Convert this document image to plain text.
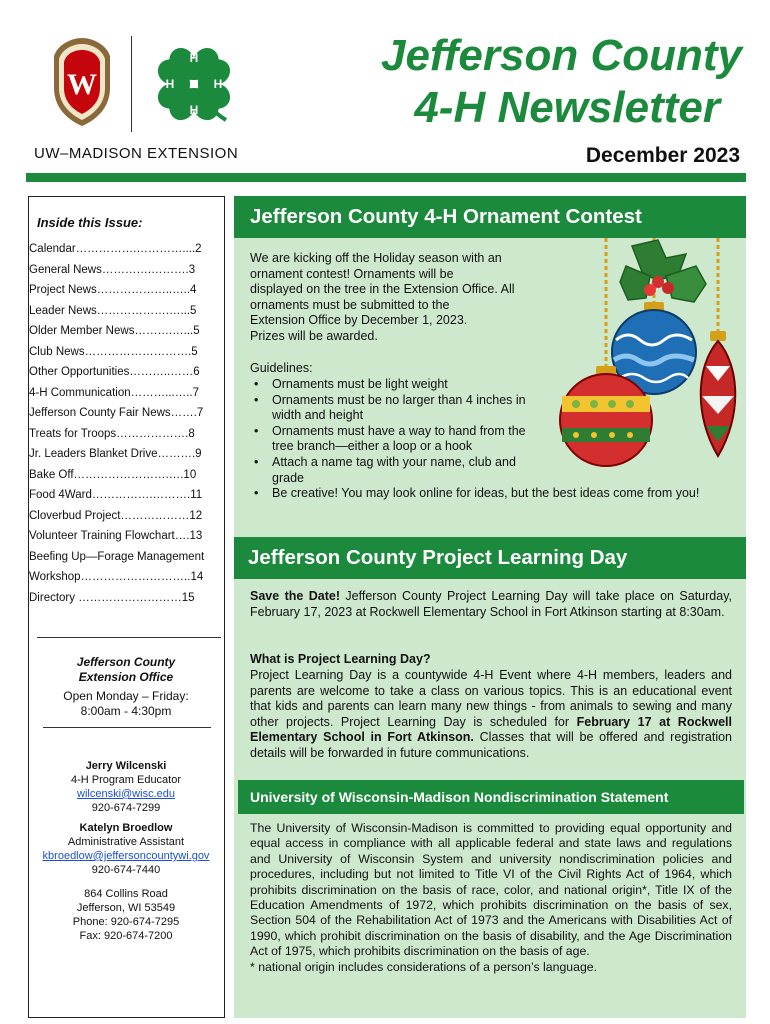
W
H
H
H
H
UW–MADISON EXTENSION
Jefferson County
4-H Newsletter
December 2023
Inside this Issue:
Calendar…………….…………....2
General News………….……….3
Project News………………..…..4
Leader News……………….…...5
Older Member News……….…...5
Club News……………………….5
Other Opportunities………..……6
4-H Communication………...…..7
Jefferson County Fair News…….7
Treats for Troops……………….8
Jr. Leaders Blanket Drive……….9
Bake Off…………………….….10
Food 4Ward…………….……….11
Cloverbud Project………………12
Volunteer Training Flowchart….13
Beefing Up—Forage Management
Workshop………………………..14
Directory ………………………15
Jefferson County
Extension Office
Open Monday – Friday:
8:00am - 4:30pm
Jerry Wilcenski
4-H Program Educator
wilcenski@wisc.edu
920-674-7299
Katelyn Broedlow
Administrative Assistant
kbroedlow@jeffersoncountywi.gov
920-674-7440
864 Collins Road
Jefferson, WI 53549
Phone: 920-674-7295
Fax: 920-674-7200
Jefferson County 4-H Ornament Contest
We are kicking off the Holiday season with an
ornament contest! Ornaments will be
displayed on the tree in the Extension Office. All
ornaments must be submitted to the
Extension Office by December 1, 2023.
Prizes will be awarded.
Guidelines:
• Ornaments must be light weight
• Ornaments must be no larger than 4 inches in width and height
• Ornaments must have a way to hand from the tree branch—either a loop or a hook
• Attach a name tag with your name, club and grade
• Be creative! You may look online for ideas, but the best ideas come from you!
Jefferson County Project Learning Day
Save the Date! Jefferson County Project Learning Day will take place on Saturday, February 17, 2023 at Rockwell Elementary School in Fort Atkinson starting at 8:30am.
What is Project Learning Day?
Project Learning Day is a countywide 4-H Event where 4-H members, leaders and parents are welcome to take a class on various topics. This is an educational event that kids and parents can learn many new things - from animals to sewing and many other projects. Project Learning Day is scheduled for February 17 at Rockwell Elementary School in Fort Atkinson. Classes that will be offered and registration details will be forwarded in future communications.
University of Wisconsin-Madison Nondiscrimination Statement
The University of Wisconsin-Madison is committed to providing equal opportunity and equal access in compliance with all applicable federal and state laws and regulations and University of Wisconsin System and university nondiscrimination policies and procedures, including but not limited to Title VI of the Civil Rights Act of 1964, which prohibits discrimination on the basis of race, color, and national origin*, Title IX of the Education Amendments of 1972, which prohibits discrimination on the basis of sex, Section 504 of the Rehabilitation Act of 1973 and the Americans with Disabilities Act of 1990, which prohibit discrimination on the basis of disability, and the Age Discrimination Act of 1975, which prohibits discrimination on the basis of age.
* national origin includes considerations of a person’s language.
